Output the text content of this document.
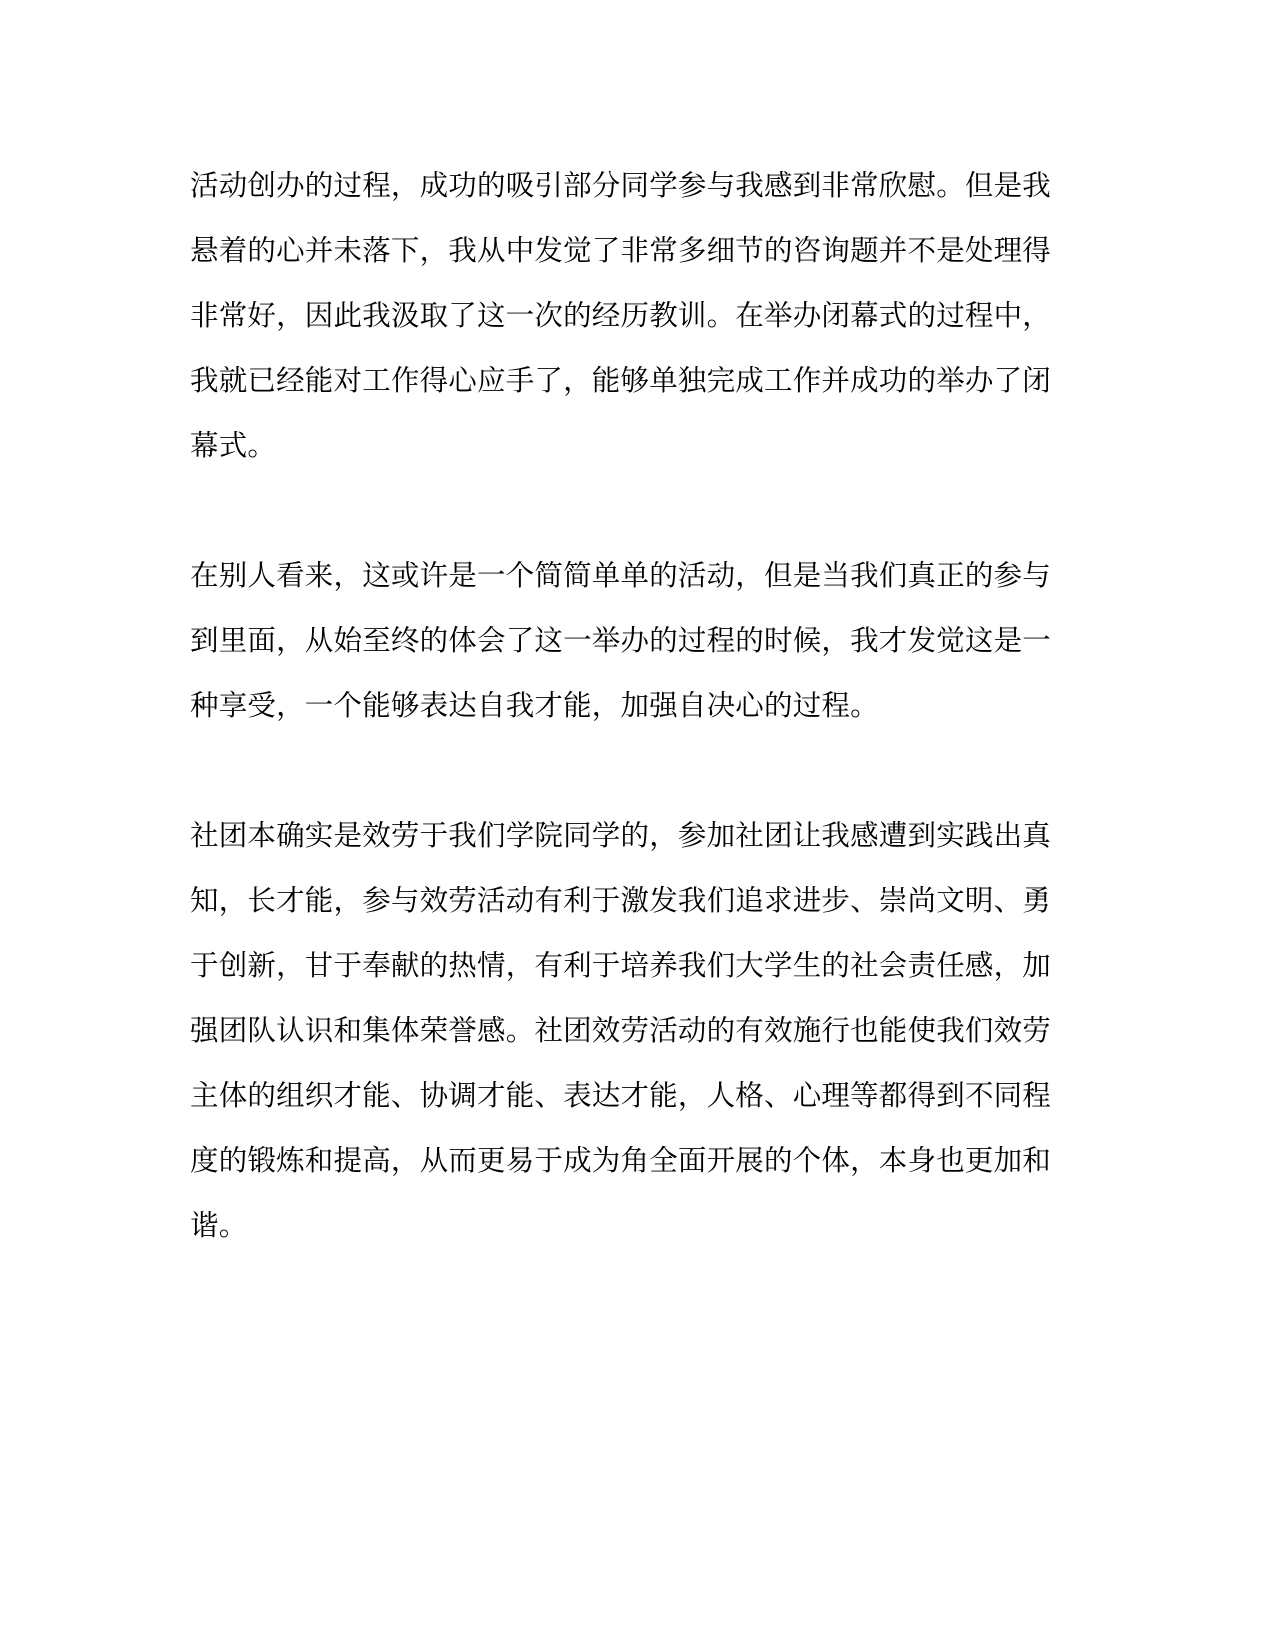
活动创办的过程，成功的吸引部分同学参与我感到非常欣慰。但是我
悬着的心并未落下，我从中发觉了非常多细节的咨询题并不是处理得
非常好，因此我汲取了这一次的经历教训。在举办闭幕式的过程中，
我就已经能对工作得心应手了，能够单独完成工作并成功的举办了闭
幕式。
在别人看来，这或许是一个简简单单的活动，但是当我们真正的参与
到里面，从始至终的体会了这一举办的过程的时候，我才发觉这是一
种享受，一个能够表达自我才能，加强自决心的过程。
社团本确实是效劳于我们学院同学的，参加社团让我感遭到实践出真
知，长才能，参与效劳活动有利于激发我们追求进步、崇尚文明、勇
于创新，甘于奉献的热情，有利于培养我们大学生的社会责任感，加
强团队认识和集体荣誉感。社团效劳活动的有效施行也能使我们效劳
主体的组织才能、协调才能、表达才能，人格、心理等都得到不同程
度的锻炼和提高，从而更易于成为角全面开展的个体，本身也更加和
谐。
